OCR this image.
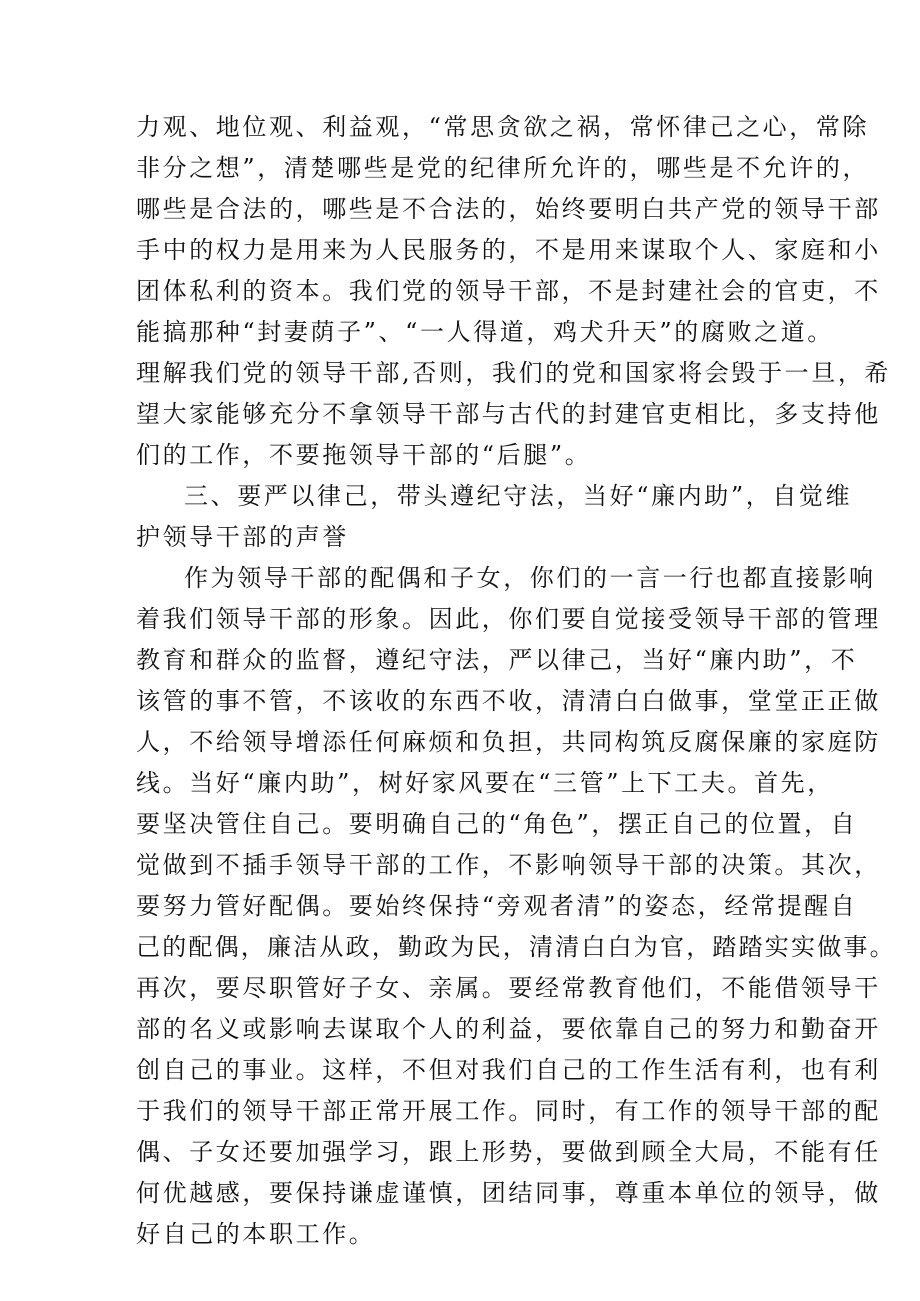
力观、地位观、利益观，“常思贪欲之祸，常怀律己之心，常除
非分之想”，清楚哪些是党的纪律所允许的，哪些是不允许的，
哪些是合法的，哪些是不合法的，始终要明白共产党的领导干部
手中的权力是用来为人民服务的，不是用来谋取个人、家庭和小
团体私利的资本。我们党的领导干部，不是封建社会的官吏，不
能搞那种“封妻荫子”、“一人得道，鸡犬升天”的腐败之道。
理解我们党的领导干部,否则，我们的党和国家将会毁于一旦，希
望大家能够充分不拿领导干部与古代的封建官吏相比，多支持他
们的工作，不要拖领导干部的“后腿”。
三、要严以律己，带头遵纪守法，当好“廉内助”，自觉维
护领导干部的声誉
作为领导干部的配偶和子女，你们的一言一行也都直接影响
着我们领导干部的形象。因此，你们要自觉接受领导干部的管理
教育和群众的监督，遵纪守法，严以律己，当好“廉内助”，不
该管的事不管，不该收的东西不收，清清白白做事，堂堂正正做
人，不给领导增添任何麻烦和负担，共同构筑反腐保廉的家庭防
线。当好“廉内助”，树好家风要在“三管”上下工夫。首先，
要坚决管住自己。要明确自己的“角色”，摆正自己的位置，自
觉做到不插手领导干部的工作，不影响领导干部的决策。其次，
要努力管好配偶。要始终保持“旁观者清”的姿态，经常提醒自
己的配偶，廉洁从政，勤政为民，清清白白为官，踏踏实实做事。
再次，要尽职管好子女、亲属。要经常教育他们，不能借领导干
部的名义或影响去谋取个人的利益，要依靠自己的努力和勤奋开
创自己的事业。这样，不但对我们自己的工作生活有利，也有利
于我们的领导干部正常开展工作。同时，有工作的领导干部的配
偶、子女还要加强学习，跟上形势，要做到顾全大局，不能有任
何优越感，要保持谦虚谨慎，团结同事，尊重本单位的领导，做
好自己的本职工作。
